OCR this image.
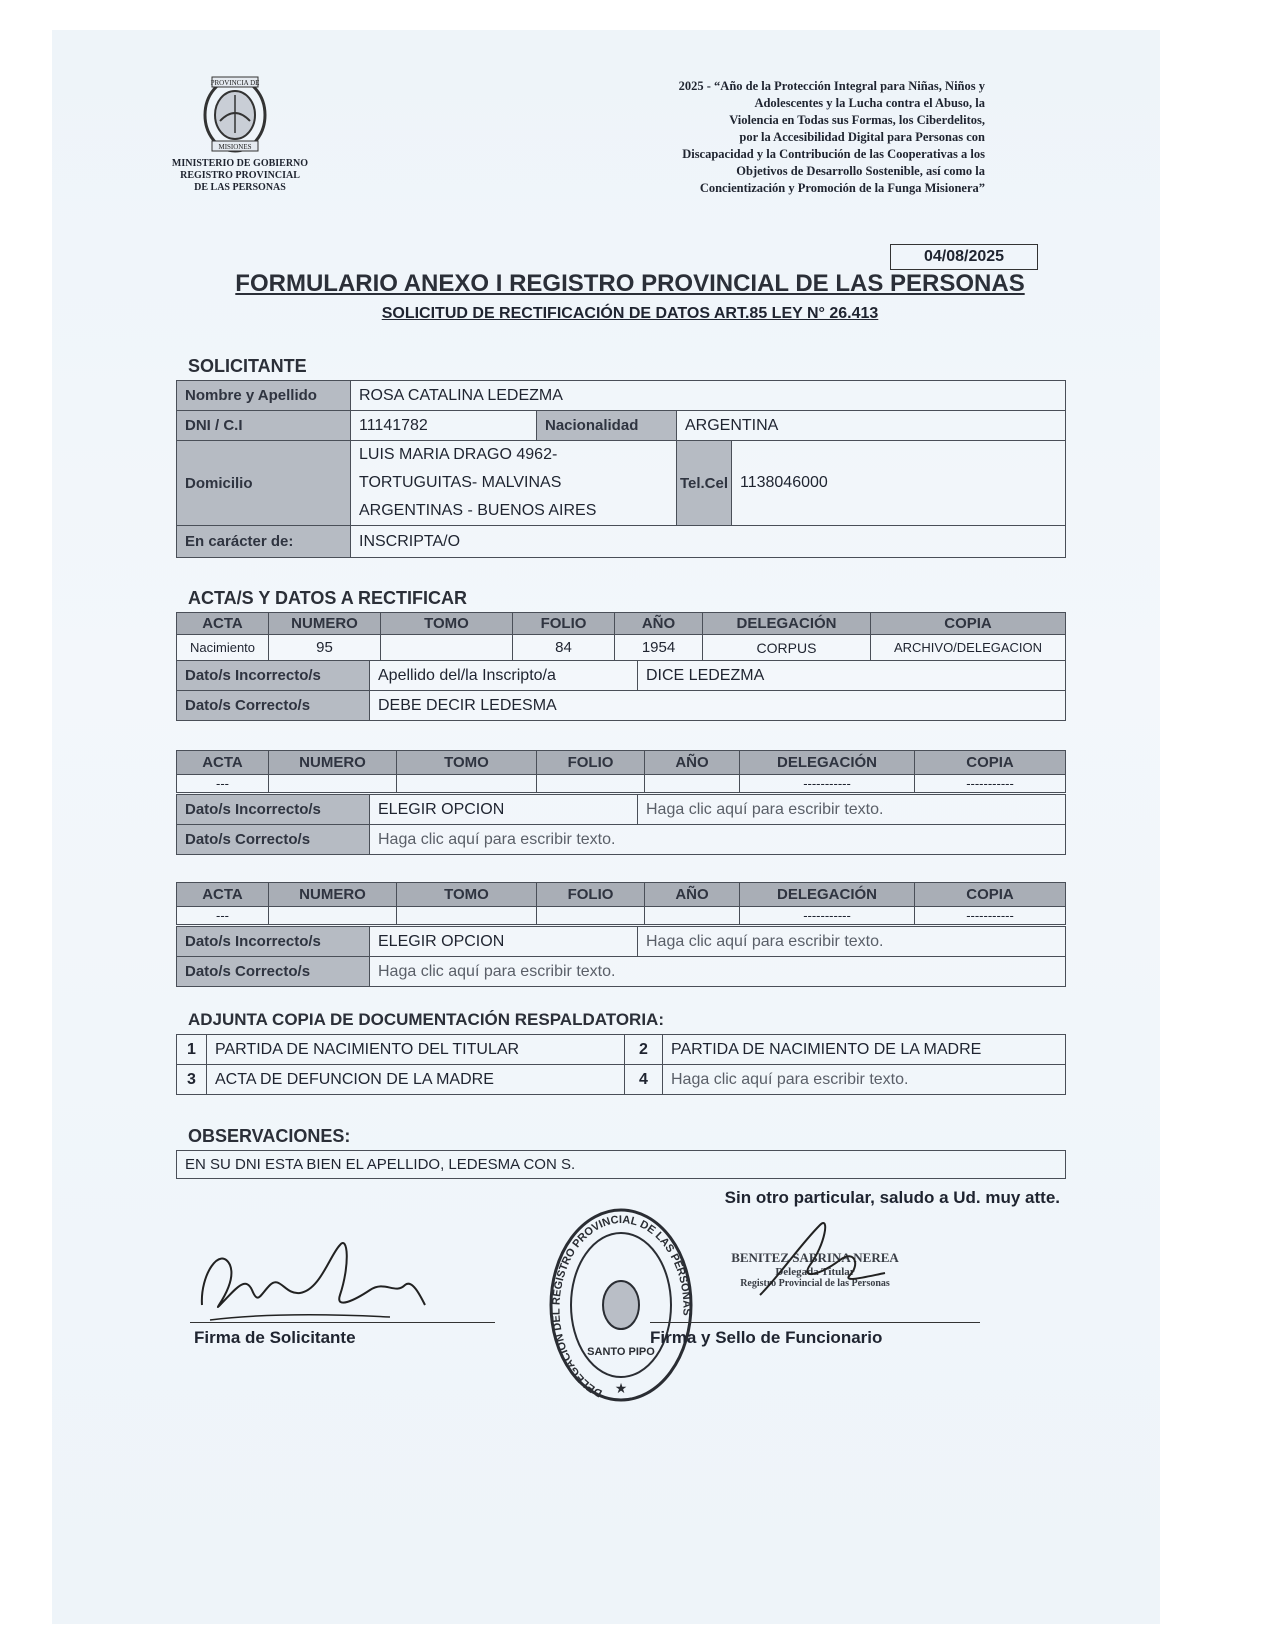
PROVINCIA DE
MISIONES
MINISTERIO DE GOBIERNO
REGISTRO PROVINCIAL
DE LAS PERSONAS
2025 - “Año de la Protección Integral para Niñas, Niños y
Adolescentes y la Lucha contra el Abuso, la
Violencia en Todas sus Formas, los Ciberdelitos,
por la Accesibilidad Digital para Personas con
Discapacidad y la Contribución de las Cooperativas a los
Objetivos de Desarrollo Sostenible, así como la
Concientización y Promoción de la Funga Misionera”
04/08/2025
FORMULARIO ANEXO I REGISTRO PROVINCIAL DE LAS PERSONAS
SOLICITUD DE RECTIFICACIÓN DE DATOS ART.85 LEY N° 26.413
SOLICITANTE
Nombre y Apellido	ROSA CATALINA LEDEZMA			
DNI / C.I	11141782	Nacionalidad	ARGENTINA	
Domicilio	LUIS MARIA DRAGO 4962-
TORTUGUITAS- MALVINAS
ARGENTINAS - BUENOS AIRES		Tel.Cel	1138046000
En carácter de:	INSCRIPTA/O			
ACTA/S Y DATOS A RECTIFICAR
ACTA	NUMERO	TOMO	FOLIO	AÑO	DELEGACIÓN	COPIA
Nacimiento	95		84	1954	CORPUS	ARCHIVO/DELEGACION
Dato/s Incorrecto/s	Apellido del/la Inscripto/a	DICE LEDEZMA
Dato/s Correcto/s	DEBE DECIR LEDESMA	
ACTA	NUMERO	TOMO	FOLIO	AÑO	DELEGACIÓN	COPIA
---					-----------	-----------
Dato/s Incorrecto/s	ELEGIR OPCION	Haga clic aquí para escribir texto.
Dato/s Correcto/s	Haga clic aquí para escribir texto.	
ACTA	NUMERO	TOMO	FOLIO	AÑO	DELEGACIÓN	COPIA
---					-----------	-----------
Dato/s Incorrecto/s	ELEGIR OPCION	Haga clic aquí para escribir texto.
Dato/s Correcto/s	Haga clic aquí para escribir texto.	
ADJUNTA COPIA DE DOCUMENTACIÓN RESPALDATORIA:
1	PARTIDA DE NACIMIENTO DEL TITULAR	2	PARTIDA DE NACIMIENTO DE LA MADRE
3	ACTA DE DEFUNCION DE LA MADRE	4	Haga clic aquí para escribir texto.
OBSERVACIONES:
EN SU DNI ESTA BIEN EL APELLIDO, LEDESMA CON S.
Sin otro particular, saludo a Ud. muy atte.
Firma de Solicitante
DELEGACION DEL REGISTRO PROVINCIAL DE LAS PERSONAS
SANTO PIPO
★
BENITEZ SABRINA NEREA
Delegada Titular
Registro Provincial de las Personas
Firma y Sello de Funcionario
